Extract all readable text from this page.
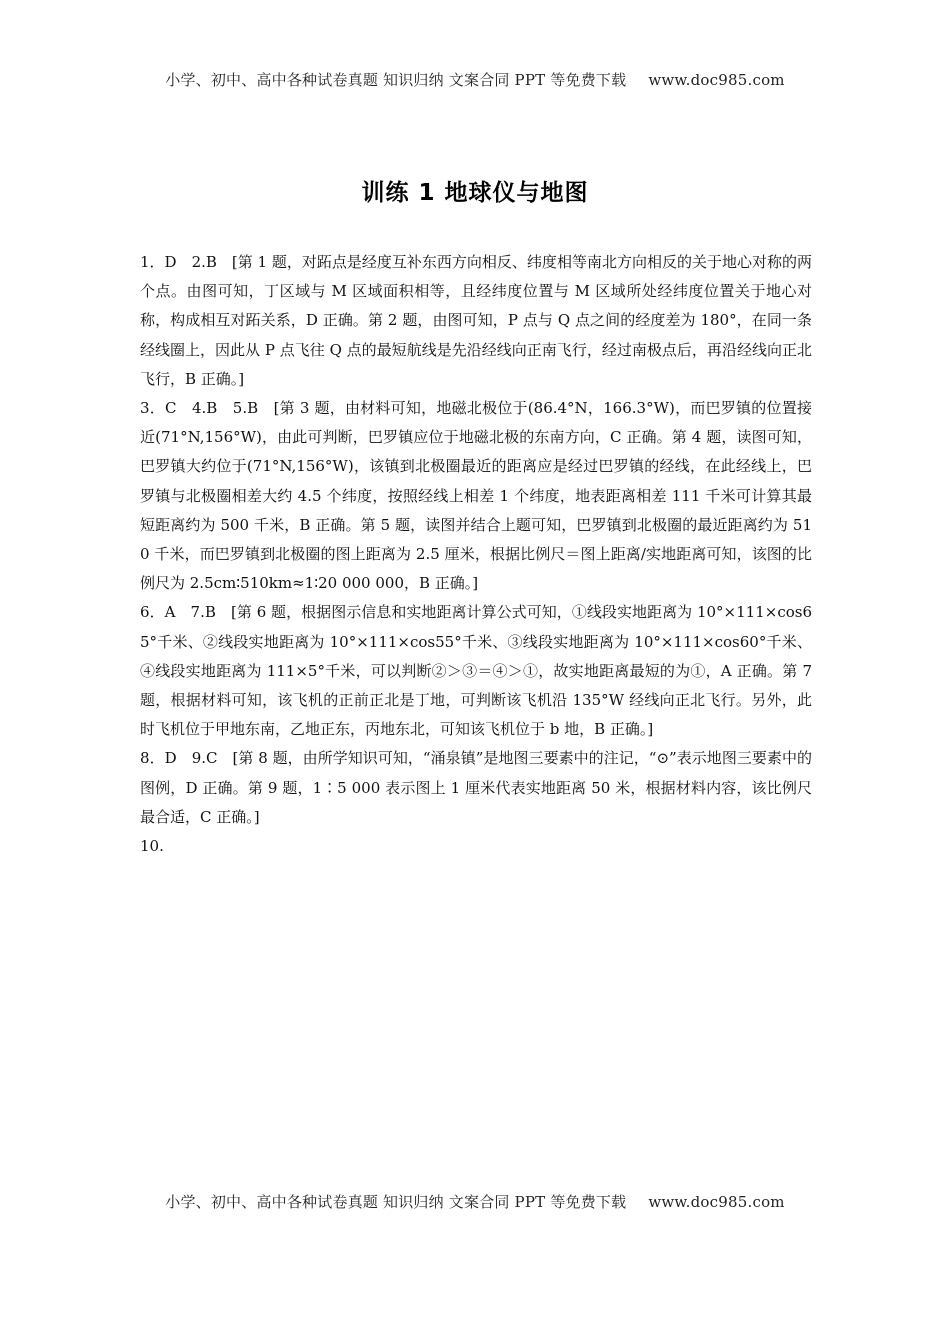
小学、初中、高中各种试卷真题 知识归纳 文案合同 PPT 等免费下载 www.doc985.com
训练 1 地球仪与地图

1．D　2.B　[第 1 题，对跖点是经度互补东西方向相反、纬度相等南北方向相反的关于地心对称的两个点。由图可知，丁区域与 M 区域面积相等，且经纬度位置与 M 区域所处经纬度位置关于地心对称，构成相互对跖关系，D 正确。第 2 题，由图可知，P 点与 Q 点之间的经度差为 180°，在同一条经线圈上，因此从 P 点飞往 Q 点的最短航线是先沿经线向正南飞行，经过南极点后，再沿经线向正北飞行，B 正确。]

3．C　4.B　5.B　[第 3 题，由材料可知，地磁北极位于(86.4°N，166.3°W)，而巴罗镇的位置接近(71°N,156°W)，由此可判断，巴罗镇应位于地磁北极的东南方向，C 正确。第 4 题，读图可知，巴罗镇大约位于(71°N,156°W)，该镇到北极圈最近的距离应是经过巴罗镇的经线，在此经线上，巴罗镇与北极圈相差大约 4.5 个纬度，按照经线上相差 1 个纬度，地表距离相差 111 千米可计算其最短距离约为 500 千米，B 正确。第 5 题，读图并结合上题可知，巴罗镇到北极圈的最近距离约为 510 千米，而巴罗镇到北极圈的图上距离为 2.5 厘米，根据比例尺＝图上距离/实地距离可知，该图的比例尺为 2.5cm∶510km≈1∶20 000 000，B 正确。]

6．A　7.B　[第 6 题，根据图示信息和实地距离计算公式可知，①线段实地距离为 10°×111×cos65°千米、②线段实地距离为 10°×111×cos55°千米、③线段实地距离为 10°×111×cos60°千米、④线段实地距离为 111×5°千米，可以判断②＞③＝④＞①，故实地距离最短的为①，A 正确。第 7 题，根据材料可知，该飞机的正前正北是丁地，可判断该飞机沿 135°W 经线向正北飞行。另外，此时飞机位于甲地东南，乙地正东，丙地东北，可知该飞机位于 b 地，B 正确。]

8．D　9.C　[第 8 题，由所学知识可知，“涌泉镇”是地图三要素中的注记，“⊙”表示地图三要素中的图例，D 正确。第 9 题，1∶5 000 表示图上 1 厘米代表实地距离 50 米，根据材料内容，该比例尺最合适，C 正确。]

10.

小学、初中、高中各种试卷真题 知识归纳 文案合同 PPT 等免费下载 www.doc985.com
